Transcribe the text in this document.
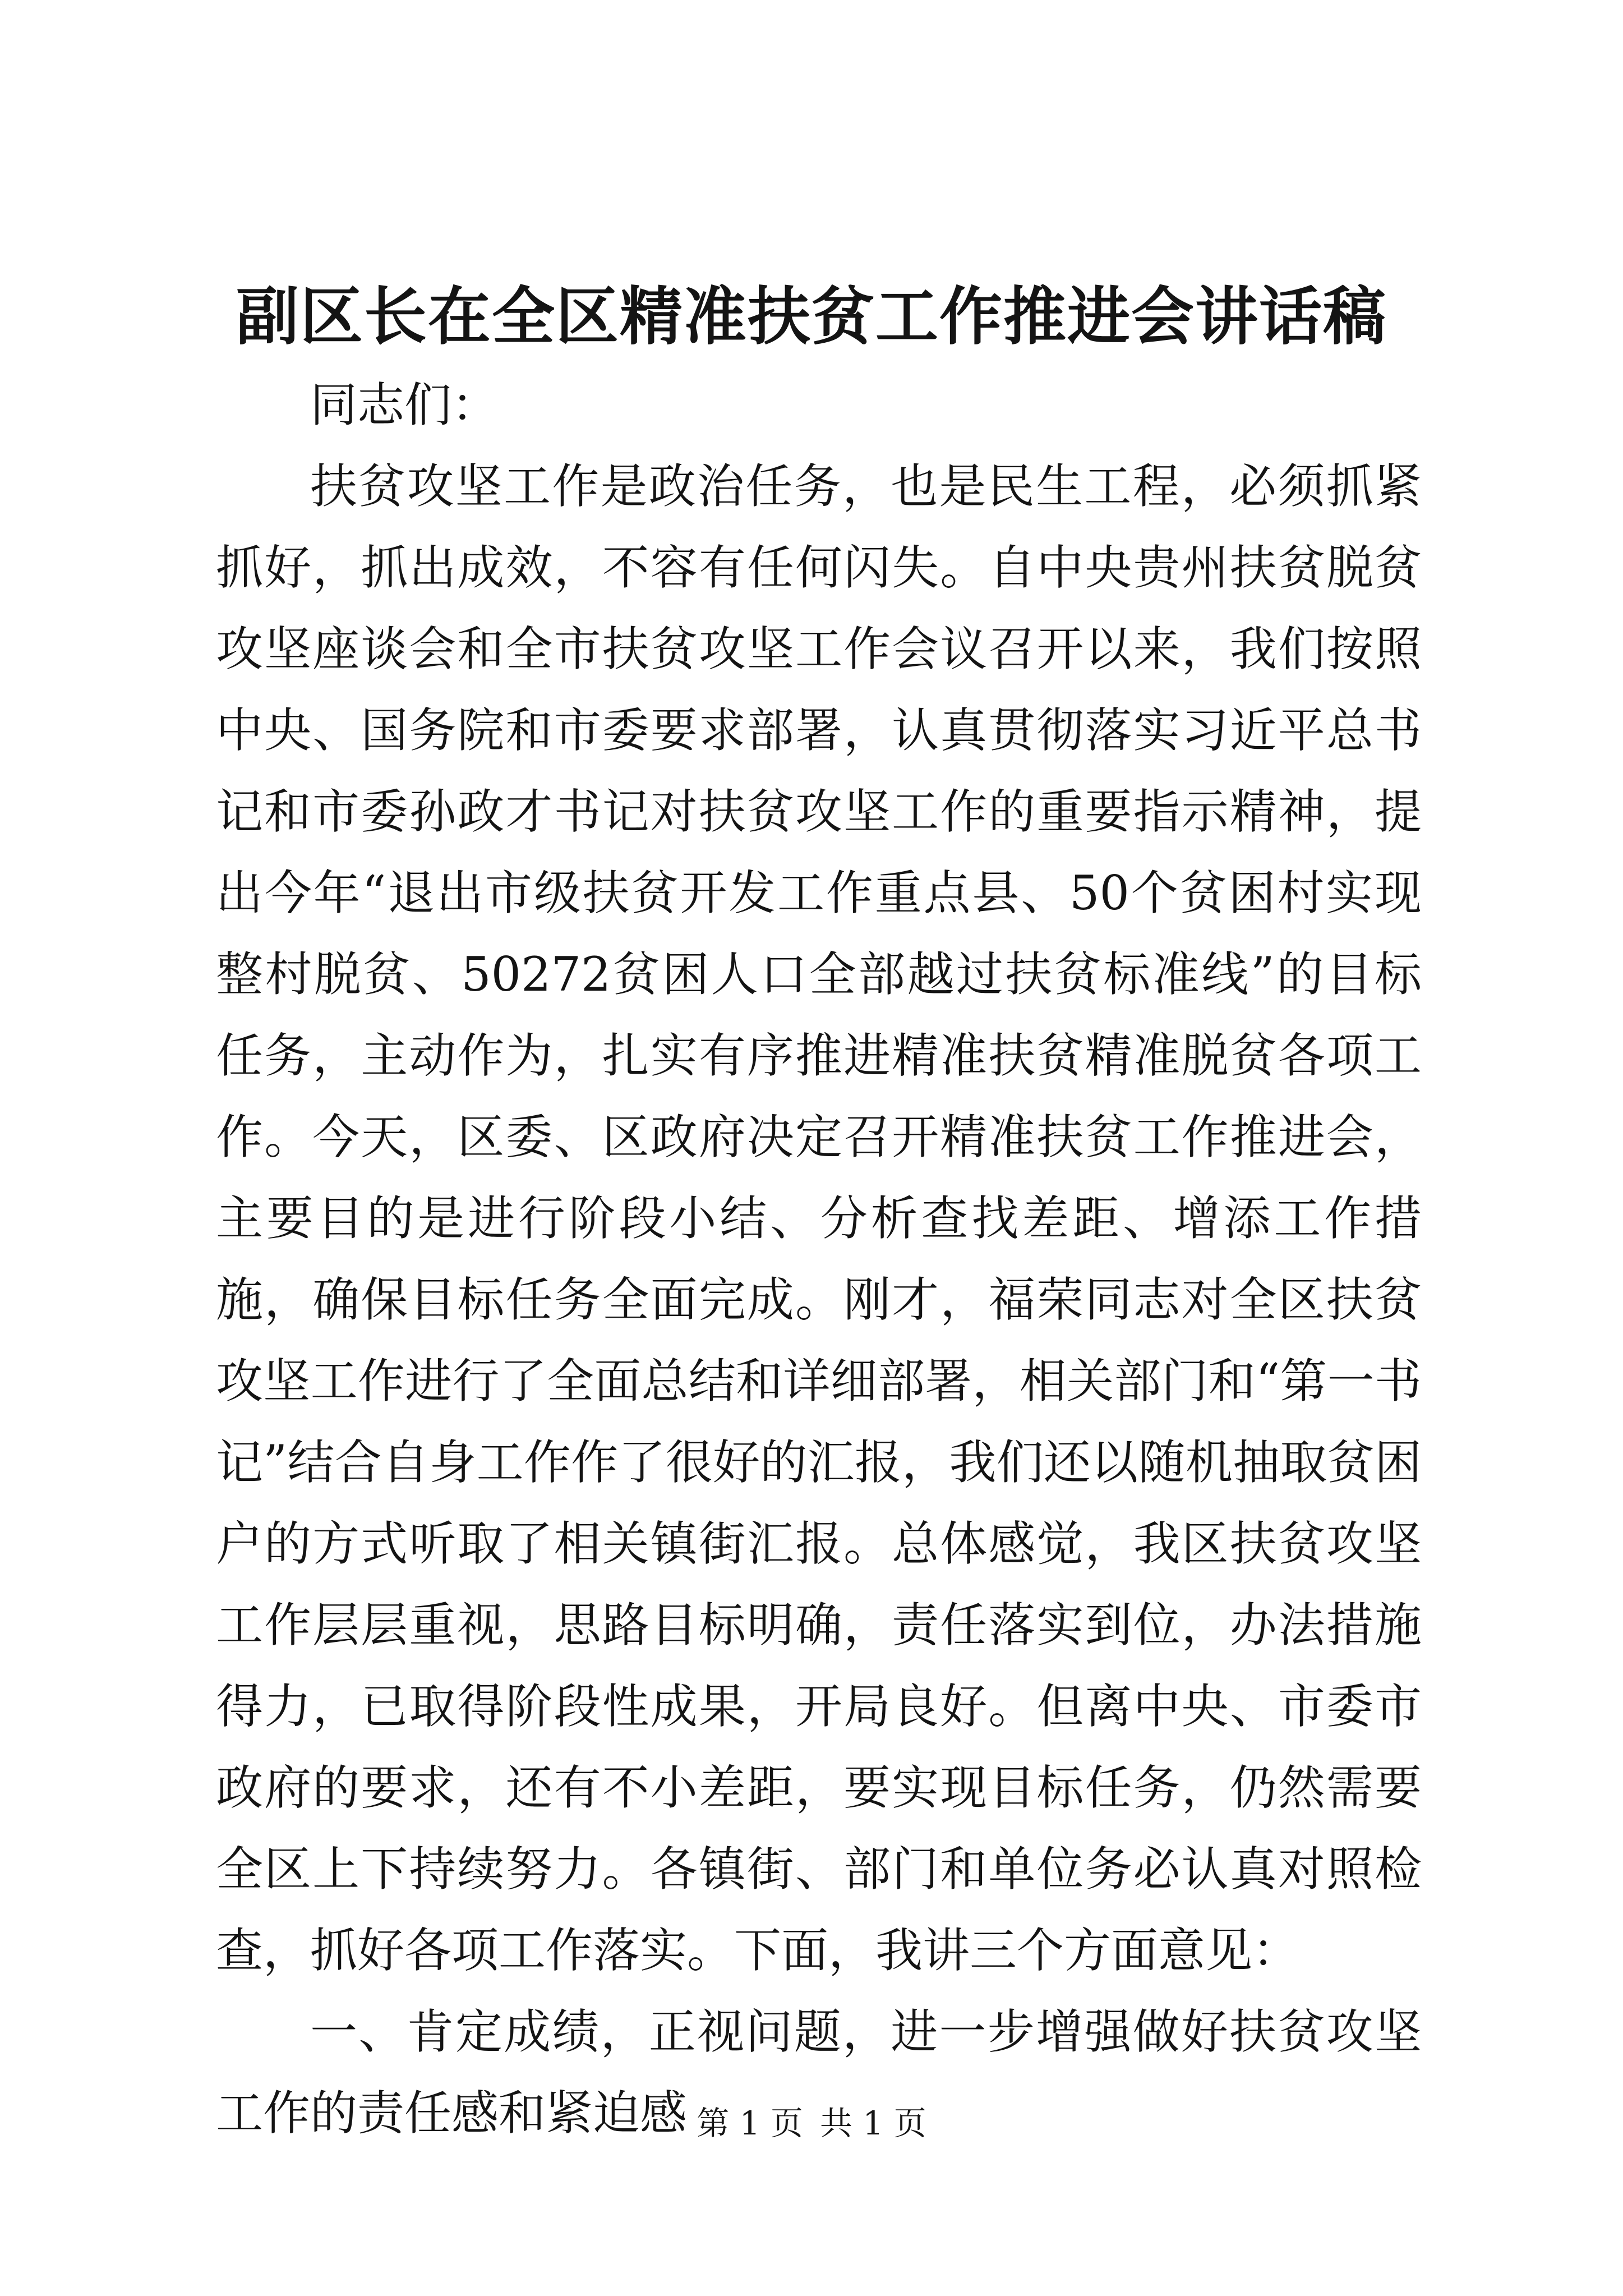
副区长在全区精准扶贫工作推进会讲话稿

同志们：

扶贫攻坚工作是政治任务，也是民生工程，必须抓紧抓好，抓出成效，不容有任何闪失。自中央贵州扶贫脱贫攻坚座谈会和全市扶贫攻坚工作会议召开以来，我们按照中央、国务院和市委要求部署，认真贯彻落实习近平总书记和市委孙政才书记对扶贫攻坚工作的重要指示精神，提出今年“退出市级扶贫开发工作重点县、50个贫困村实现整村脱贫、50272贫困人口全部越过扶贫标准线”的目标任务，主动作为，扎实有序推进精准扶贫精准脱贫各项工作。今天，区委、区政府决定召开精准扶贫工作推进会，主要目的是进行阶段小结、分析查找差距、增添工作措施，确保目标任务全面完成。刚才，福荣同志对全区扶贫攻坚工作进行了全面总结和详细部署，相关部门和“第一书记”结合自身工作作了很好的汇报，我们还以随机抽取贫困户的方式听取了相关镇街汇报。总体感觉，我区扶贫攻坚工作层层重视，思路目标明确，责任落实到位，办法措施得力，已取得阶段性成果，开局良好。但离中央、市委市政府的要求，还有不小差距，要实现目标任务，仍然需要全区上下持续努力。各镇街、部门和单位务必认真对照检查，抓好各项工作落实。下面，我讲三个方面意见：

一、肯定成绩，正视问题，进一步增强做好扶贫攻坚工作的责任感和紧迫感 第 1 页 共 1 页
